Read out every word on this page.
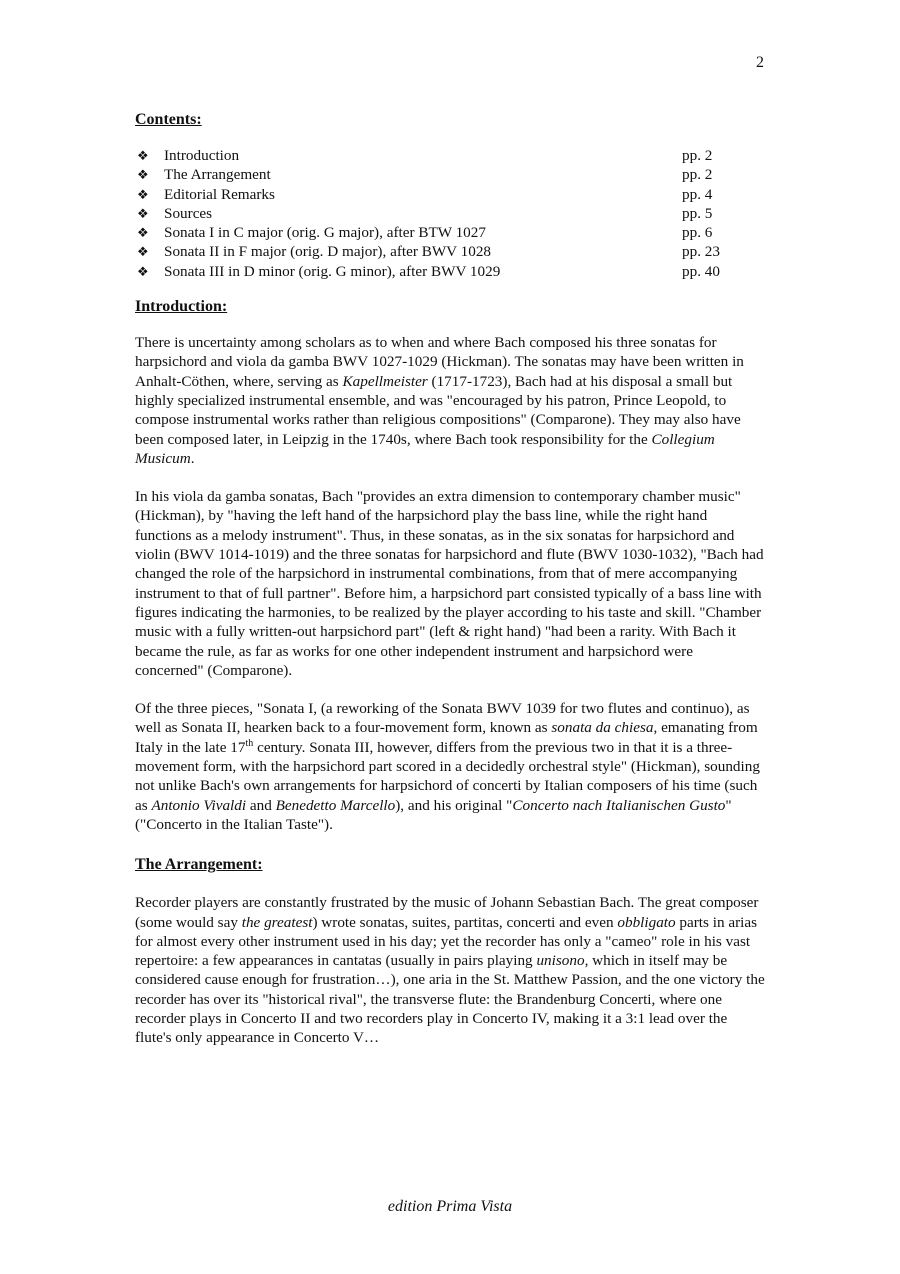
2
Contents:
❖	Introduction	pp. 2
❖	The Arrangement	pp. 2
❖	Editorial Remarks	pp. 4
❖	Sources	pp. 5
❖	Sonata I in C major (orig. G major), after BTW 1027	pp. 6
❖	Sonata II in F major (orig. D major), after BWV 1028	pp. 23
❖	Sonata III in D minor (orig. G minor), after BWV 1029	pp. 40
Introduction:

There is uncertainty among scholars as to when and where Bach composed his three sonatas for harpsichord and viola da gamba BWV 1027-1029 (Hickman). The sonatas may have been written in Anhalt-Cöthen, where, serving as Kapellmeister (1717-1723), Bach had at his disposal a small but highly specialized instrumental ensemble, and was "encouraged by his patron, Prince Leopold, to compose instrumental works rather than religious compositions" (Comparone). They may also have been composed later, in Leipzig in the 1740s, where Bach took responsibility for the Collegium Musicum.

In his viola da gamba sonatas, Bach "provides an extra dimension to contemporary chamber music" (Hickman), by "having the left hand of the harpsichord play the bass line, while the right hand functions as a melody instrument". Thus, in these sonatas, as in the six sonatas for harpsichord and violin (BWV 1014-1019) and the three sonatas for harpsichord and flute (BWV 1030-1032), "Bach had changed the role of the harpsichord in instrumental combinations, from that of mere accompanying instrument to that of full partner". Before him, a harpsichord part consisted typically of a bass line with figures indicating the harmonies, to be realized by the player according to his taste and skill. "Chamber music with a fully written-out harpsichord part" (left & right hand) "had been a rarity. With Bach it became the rule, as far as works for one other independent instrument and harpsichord were concerned" (Comparone).

Of the three pieces, "Sonata I, (a reworking of the Sonata BWV 1039 for two flutes and continuo), as well as Sonata II, hearken back to a four-movement form, known as sonata da chiesa, emanating from Italy in the late 17th century. Sonata III, however, differs from the previous two in that it is a three-movement form, with the harpsichord part scored in a decidedly orchestral style" (Hickman), sounding not unlike Bach's own arrangements for harpsichord of concerti by Italian composers of his time (such as Antonio Vivaldi and Benedetto Marcello), and his original "Concerto nach Italianischen Gusto" ("Concerto in the Italian Taste").

The Arrangement:

Recorder players are constantly frustrated by the music of Johann Sebastian Bach. The great composer (some would say the greatest) wrote sonatas, suites, partitas, concerti and even obbligato parts in arias for almost every other instrument used in his day; yet the recorder has only a "cameo" role in his vast repertoire: a few appearances in cantatas (usually in pairs playing unisono, which in itself may be considered cause enough for frustration…), one aria in the St. Matthew Passion, and the one victory the recorder has over its "historical rival", the transverse flute: the Brandenburg Concerti, where one recorder plays in Concerto II and two recorders play in Concerto IV, making it a 3:1 lead over the flute's only appearance in Concerto V…

edition Prima Vista
